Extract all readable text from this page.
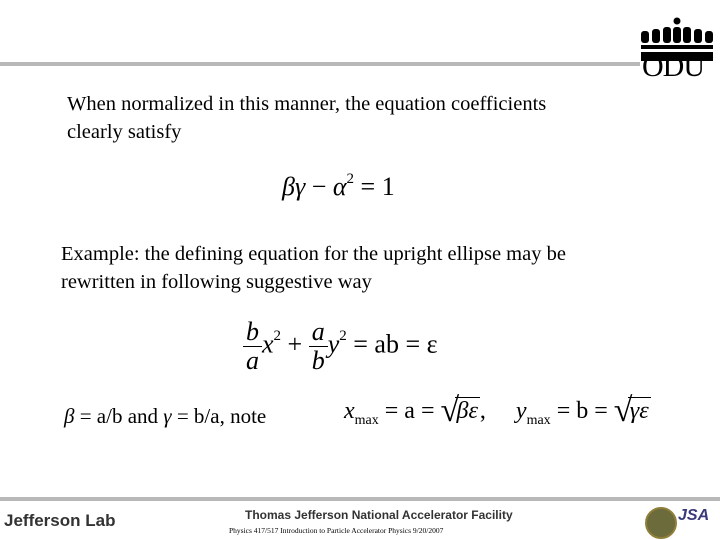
ODU
When normalized in this manner, the equation coefficients
clearly satisfy
$\beta\gamma - \alpha^2 = 1$
Example: the defining equation for the upright ellipse may be
rewritten in following suggestive way
$\frac{b}{a} x^2 + \frac{a}{b} y^2$ = ab = ε
β = a/b and γ = b/a, note	$x_{max} = a$ = √
βε, $y_{max} = b$ = √
γε
Jefferson Lab	Thomas Jefferson National Accelerator Facility
Physics 417/517 Introduction to Particle Accelerator Physics 9/20/2007
JSA
